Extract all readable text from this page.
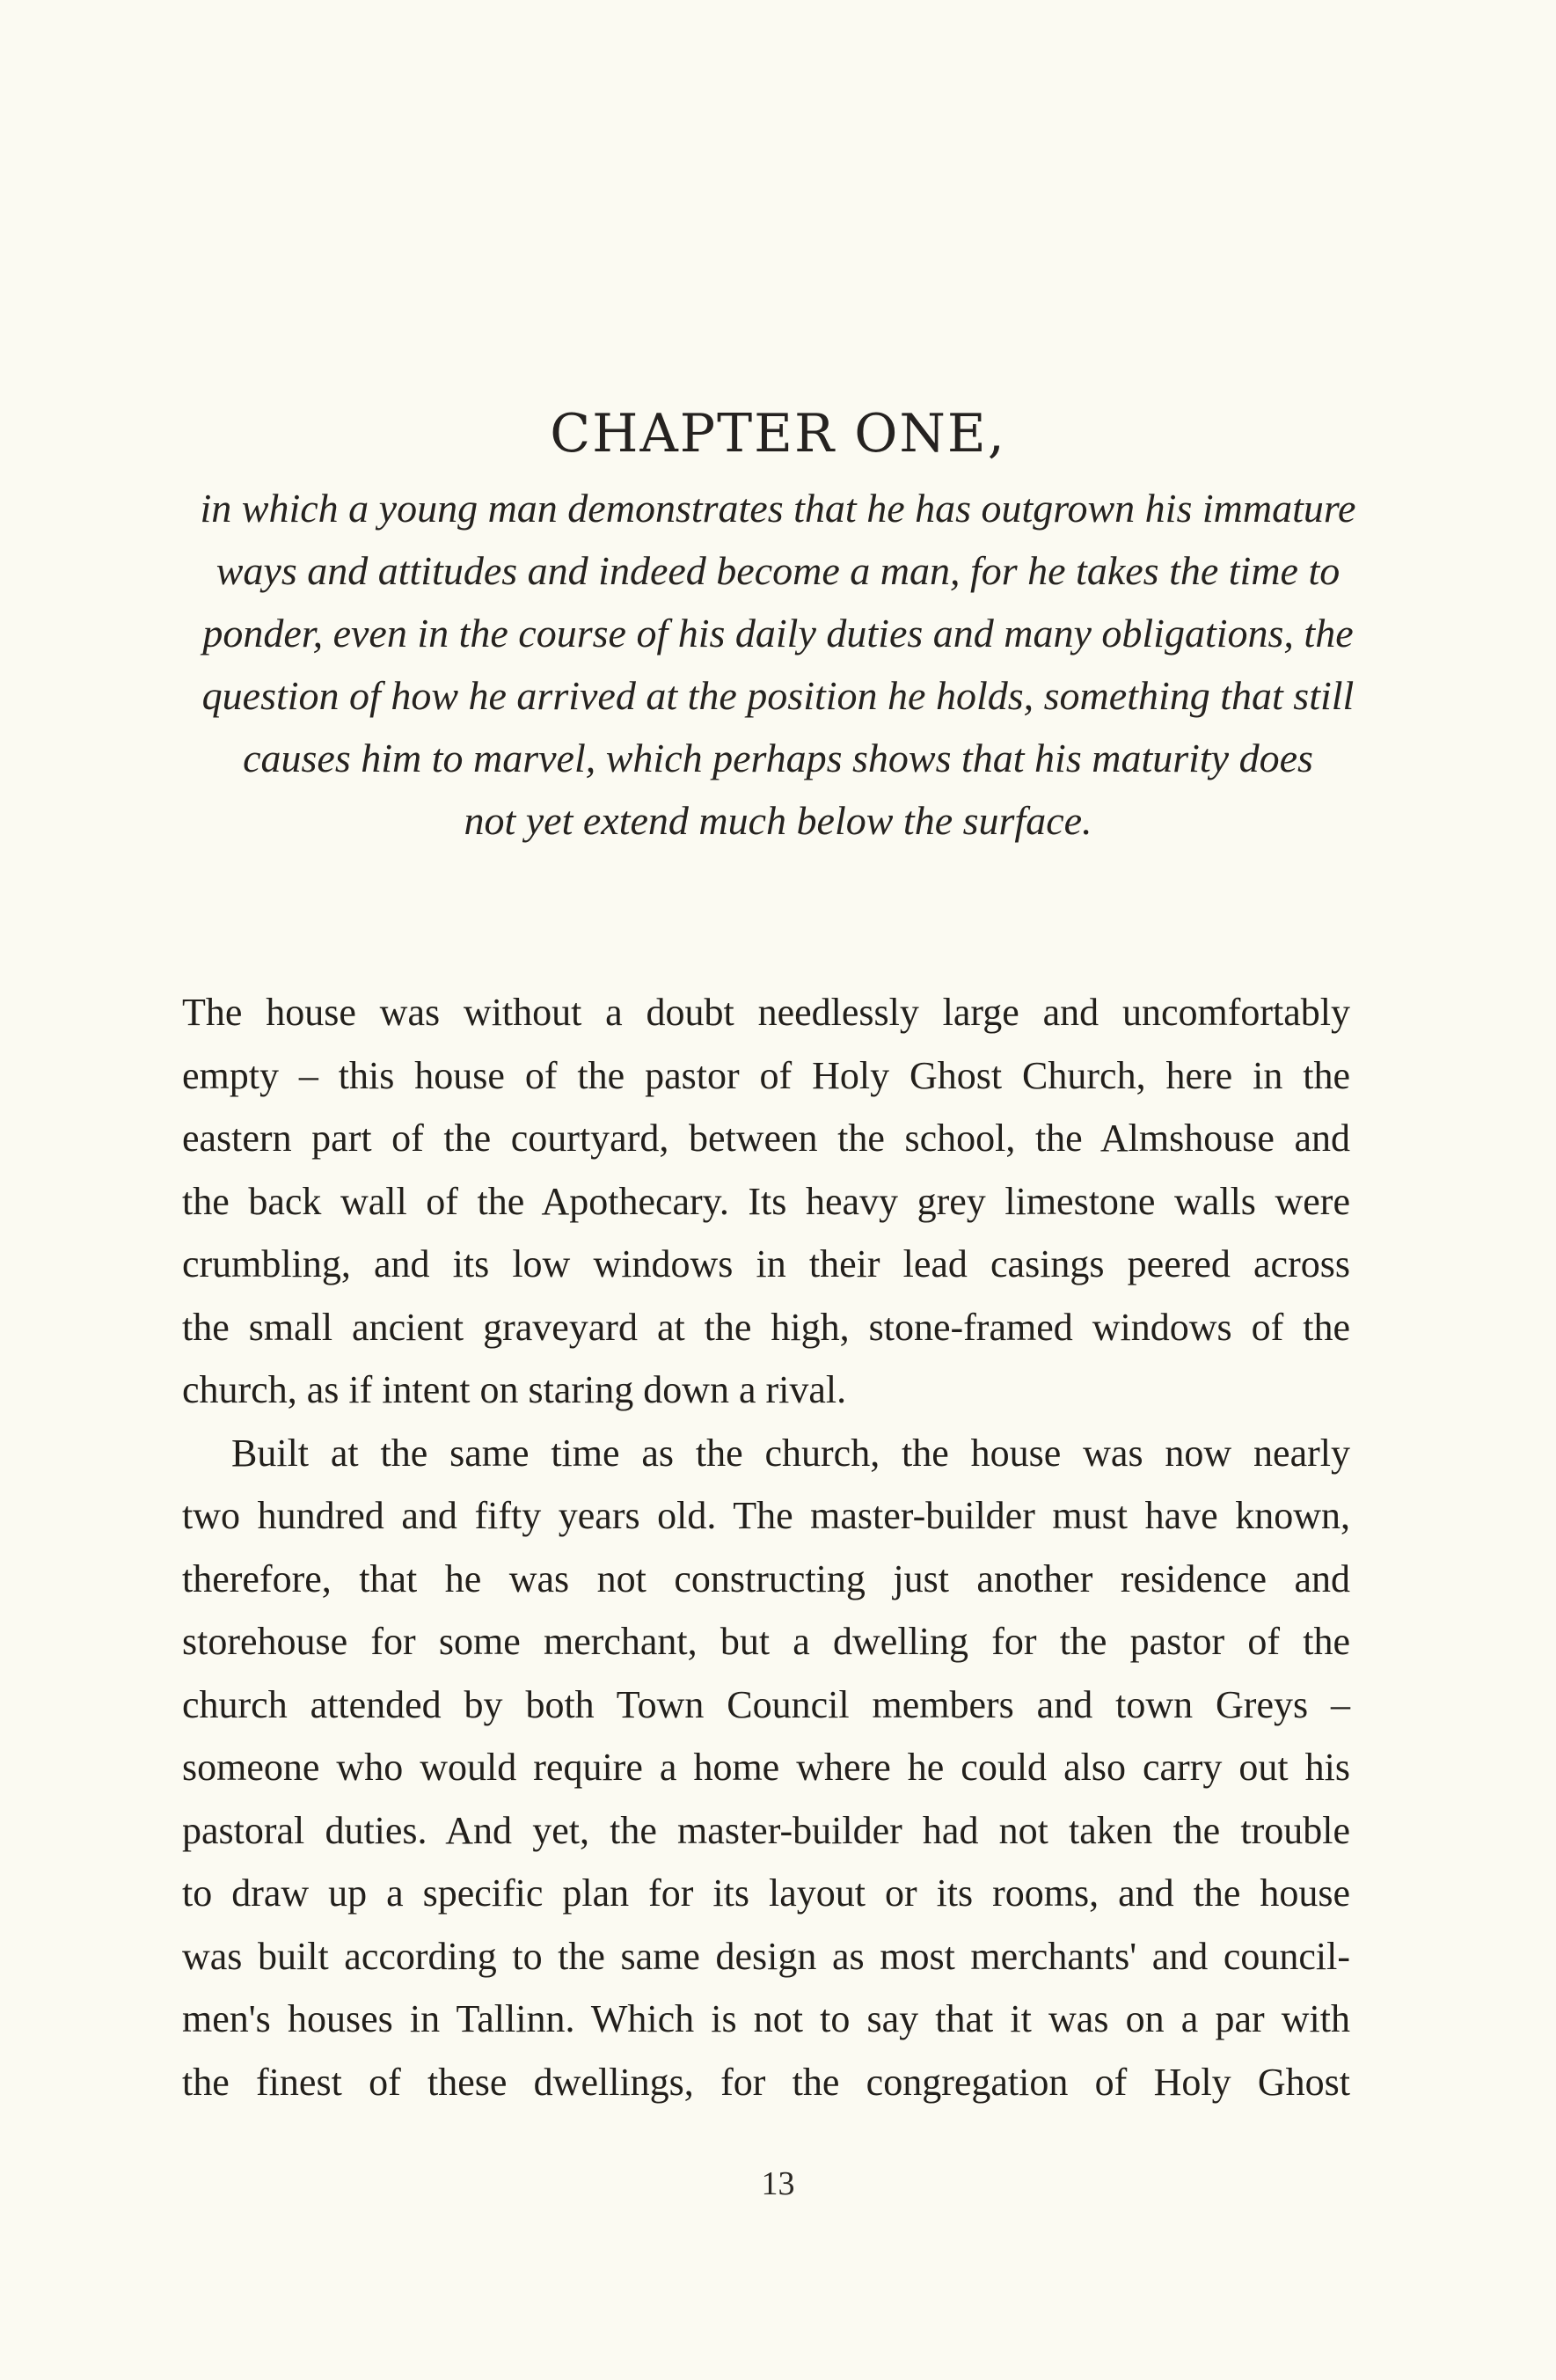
CHAPTER ONE,
in which a young man demonstrates that he has outgrown his immature
ways and attitudes and indeed become a man, for he takes the time to
ponder, even in the course of his daily duties and many obligations, the
question of how he arrived at the position he holds, something that still
causes him to marvel, which perhaps shows that his maturity does
not yet extend much below the surface.
The house was without a doubt needlessly large and uncomfortably
empty – this house of the pastor of Holy Ghost Church, here in the
eastern part of the courtyard, between the school, the Almshouse and
the back wall of the Apothecary. Its heavy grey limestone walls were
crumbling, and its low windows in their lead casings peered across
the small ancient graveyard at the high, stone-framed windows of the
church, as if intent on staring down a rival.
Built at the same time as the church, the house was now nearly
two hundred and fifty years old. The master-builder must have known,
therefore, that he was not constructing just another residence and
storehouse for some merchant, but a dwelling for the pastor of the
church attended by both Town Council members and town Greys –
someone who would require a home where he could also carry out his
pastoral duties. And yet, the master-builder had not taken the trouble
to draw up a specific plan for its layout or its rooms, and the house
was built according to the same design as most merchants' and council-
men's houses in Tallinn. Which is not to say that it was on a par with
the finest of these dwellings, for the congregation of Holy Ghost
13
